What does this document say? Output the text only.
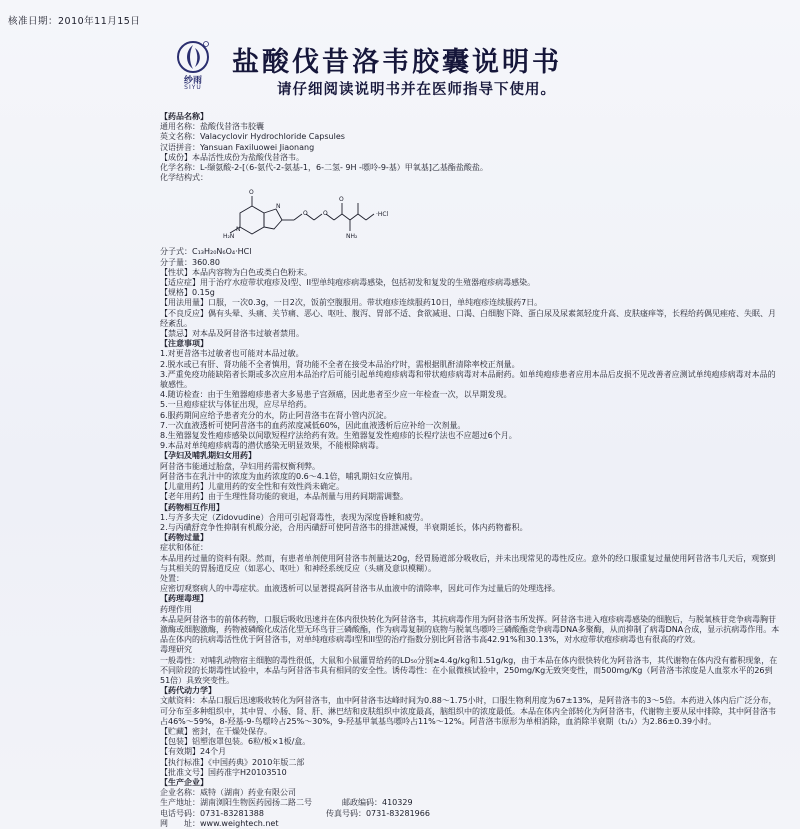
核准日期：2010年11月15日
纱雨
SIYU
盐酸伐昔洛韦胶囊说明书
请仔细阅读说明书并在医师指导下使用。
【药品名称】
通用名称：盐酸伐昔洛韦胶囊
英文名称：Valacyclovir Hydrochloride Capsules
汉语拼音：Yansuan Faxiluowei Jiaonang
【成份】本品活性成份为盐酸伐昔洛韦。
化学名称：L-缬氨酸-2-[（6-氨代-2-氨基-1，6-二氢- 9H -嘌呤-9-基）甲氧基]乙基酯盐酸盐。
化学结构式：
O
H₂N
N
N
O	O
O
NH₂
·HCl
分子式：C₁₃H₂₀N₆O₄·HCl
分子量：360.80
【性状】本品内容物为白色或类白色粉末。
【适应症】用于治疗水痘带状疱疹及I型、II型单纯疱疹病毒感染，包括初发和复发的生殖器疱疹病毒感染。
【规格】0.15g
【用法用量】口服，一次0.3g，一日2次，饭前空腹服用。带状疱疹连续服药10日，单纯疱疹连续服药7日。
【不良反应】偶有头晕、头痛、关节痛、恶心、呕吐、腹泻、胃部不适、食欲减退、口渴、白细胞下降、蛋白尿及尿素氮轻度升高、皮肤瘙痒等，长程给药偶见痤疮、失眠、月经紊乱。
【禁忌】对本品及阿昔洛韦过敏者禁用。
【注意事项】
1.对更昔洛韦过敏者也可能对本品过敏。
2.脱水或已有肝、肾功能不全者慎用，肾功能不全者在接受本品治疗时，需根据肌酐清除率校正剂量。
3.严重免疫功能缺陷者长期或多次应用本品治疗后可能引起单纯疱疹病毒和带状疱疹病毒对本品耐药。如单纯疱疹患者应用本品后皮损不见改善者应测试单纯疱疹病毒对本品的敏感性。
4.随访检查：由于生殖器疱疹患者大多易患子宫颈癌，因此患者至少应一年检查一次，以早期发现。
5.一旦疱疹症状与体征出现，应尽早给药。
6.服药期间应给予患者充分的水，防止阿昔洛韦在肾小管内沉淀。
7.一次血液透析可使阿昔洛韦的血药浓度减低60%，因此血液透析后应补给一次剂量。
8.生殖器复发性疱疹感染以间歇短程疗法给药有效。生殖器复发性疱疹的长程疗法也不应超过6个月。
9.本品对单纯疱疹病毒的潜伏感染无明显效果，不能根除病毒。
【孕妇及哺乳期妇女用药】
阿昔洛韦能通过胎盘，孕妇用药需权衡利弊。
阿昔洛韦在乳汁中的浓度为血药浓度的0.6～4.1倍，哺乳期妇女应慎用。
【儿童用药】儿童用药的安全性和有效性尚未确定。
【老年用药】由于生理性肾功能的衰退，本品剂量与用药间期需调整。
【药物相互作用】
1.与齐多夫定（Zidovudine）合用可引起肾毒性，表现为深度昏睡和疲劳。
2.与丙磺舒竞争性抑制有机酸分泌，合用丙磺舒可使阿昔洛韦的排泄减慢，半衰期延长，体内药物蓄积。
【药物过量】
症状和体征：
本品用药过量的资料有限。然而，有患者单剂使用阿昔洛韦剂量达20g，经胃肠道部分吸收后，并未出现常见的毒性反应。意外的经口服重复过量使用阿昔洛韦几天后，观察到与其相关的胃肠道反应（如恶心、呕吐）和神经系统反应（头痛及意识模糊）。
处置：
应密切观察病人的中毒症状。血液透析可以显著提高阿昔洛韦从血液中的清除率，因此可作为过量后的处理选择。
【药理毒理】
药理作用
本品是阿昔洛韦的前体药物，口服后吸收迅速并在体内很快转化为阿昔洛韦，其抗病毒作用为阿昔洛韦所发挥。阿昔洛韦进入疱疹病毒感染的细胞后，与脱氧核苷竞争病毒胸苷激酶或细胞激酶，药物被磷酸化成活化型无环鸟苷三磷酸酯，作为病毒复制的底物与脱氧鸟嘌呤三磷酸酯竞争病毒DNA多聚酶，从而抑制了病毒DNA合成，显示抗病毒作用。本品在体内的抗病毒活性优于阿昔洛韦，对单纯疱疹病毒I型和II型的治疗指数分别比阿昔洛韦高42.91%和30.13%，对水痘带状疱疹病毒也有很高的疗效。
毒理研究
一般毒性：对哺乳动物宿主细胞的毒性很低，大鼠和小鼠灌胃给药的LD₅₀分别≥4.4g/kg和1.51g/kg，由于本品在体内很快转化为阿昔洛韦，其代谢物在体内没有蓄积现象，在不同阶段的长期毒性试验中，本品与阿昔洛韦具有相同的安全性。诱传毒性：在小鼠微核试验中，250mg/Kg无致突变性，而500mg/Kg（阿昔洛韦浓度是人血浆水平的26到51倍）具致突变性。
【药代动力学】
文献资料：本品口服后迅速吸收转化为阿昔洛韦，血中阿昔洛韦达峰时间为0.88～1.75小时，口服生物利用度为67±13%，是阿昔洛韦的3～5倍。本药进入体内后广泛分布，可分布至多种组织中，其中胃、小肠、肾、肝、淋巴结和皮肤组织中浓度最高，脑组织中的浓度最低。本品在体内全部转化为阿昔洛韦，代谢物主要从尿中排除，其中阿昔洛韦占46%～59%，8-羟基-9-鸟嘌呤占25%～30%，9-羟基甲氧基鸟嘌呤占11%～12%。阿昔洛韦原形为单相消除，血消除半衰期（t₁/₂）为2.86±0.39小时。
【贮藏】密封，在干燥处保存。
【包装】铝塑泡罩包装。6粒/板×1板/盒。
【有效期】24个月
【执行标准】《中国药典》2010年版二部
【批准文号】国药准字H20103510
【生产企业】
企业名称：威特（湖南）药业有限公司
生产地址：湖南浏阳生物医药园扬二路二号	邮政编码：410329
电话号码：0731-83281388	传真号码：0731-83281966
网　　址：www.weightech.net
